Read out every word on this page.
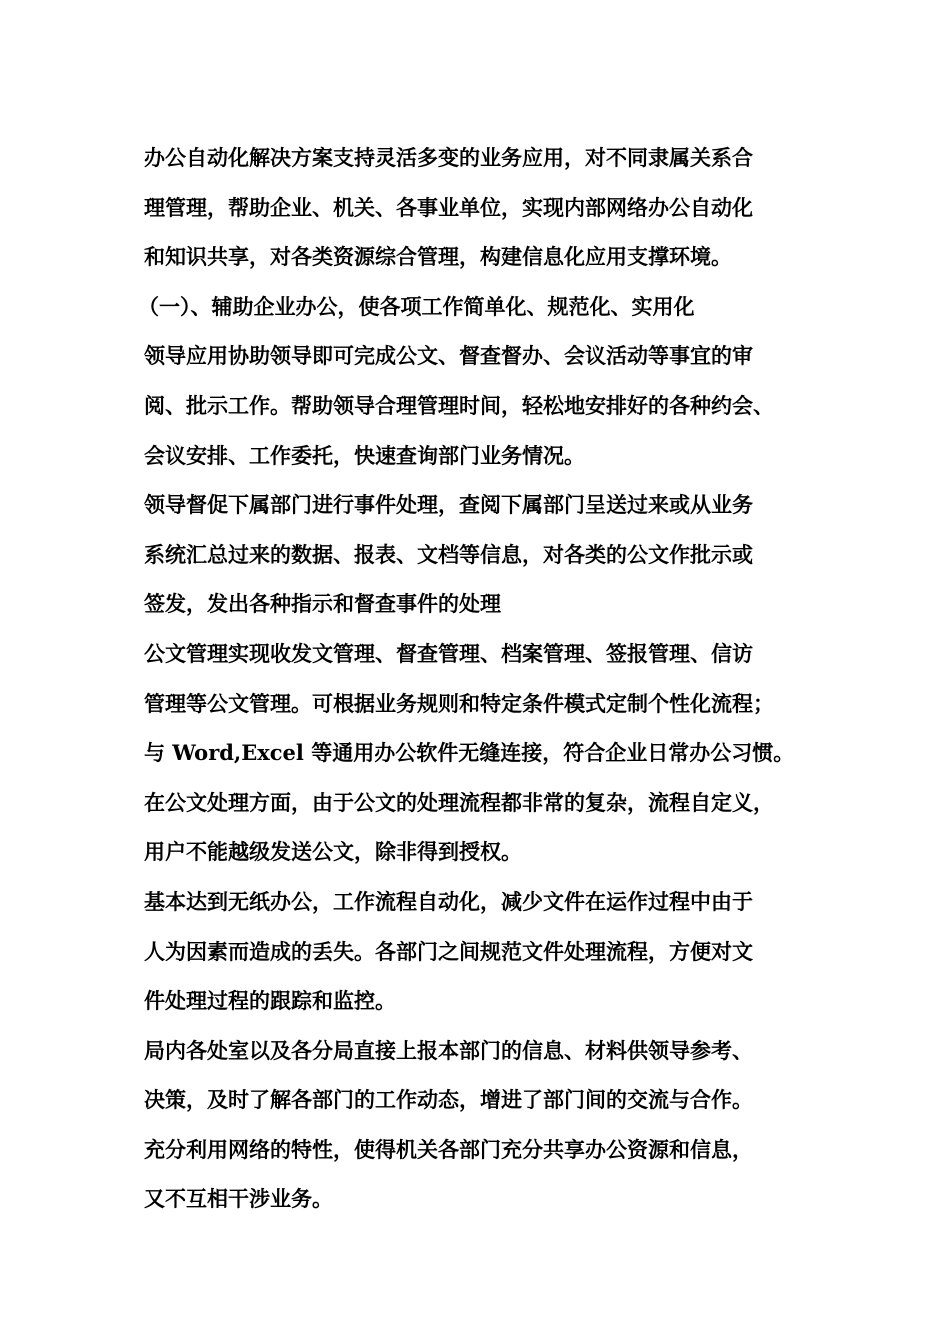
办公自动化解决方案支持灵活多变的业务应用，对不同隶属关系合
理管理，帮助企业、机关、各事业单位，实现内部网络办公自动化
和知识共享，对各类资源综合管理，构建信息化应用支撑环境。
（一）、辅助企业办公，使各项工作简单化、规范化、实用化
领导应用协助领导即可完成公文、督查督办、会议活动等事宜的审
阅、批示工作。帮助领导合理管理时间，轻松地安排好的各种约会、
会议安排、工作委托，快速查询部门业务情况。
领导督促下属部门进行事件处理，查阅下属部门呈送过来或从业务
系统汇总过来的数据、报表、文档等信息，对各类的公文作批示或
签发，发出各种指示和督查事件的处理
公文管理实现收发文管理、督查管理、档案管理、签报管理、信访
管理等公文管理。可根据业务规则和特定条件模式定制个性化流程；
与 Word,Excel 等通用办公软件无缝连接，符合企业日常办公习惯。
在公文处理方面，由于公文的处理流程都非常的复杂，流程自定义，
用户不能越级发送公文，除非得到授权。
基本达到无纸办公，工作流程自动化，减少文件在运作过程中由于
人为因素而造成的丢失。各部门之间规范文件处理流程，方便对文
件处理过程的跟踪和监控。
局内各处室以及各分局直接上报本部门的信息、材料供领导参考、
决策，及时了解各部门的工作动态，增进了部门间的交流与合作。
充分利用网络的特性，使得机关各部门充分共享办公资源和信息，
又不互相干涉业务。
